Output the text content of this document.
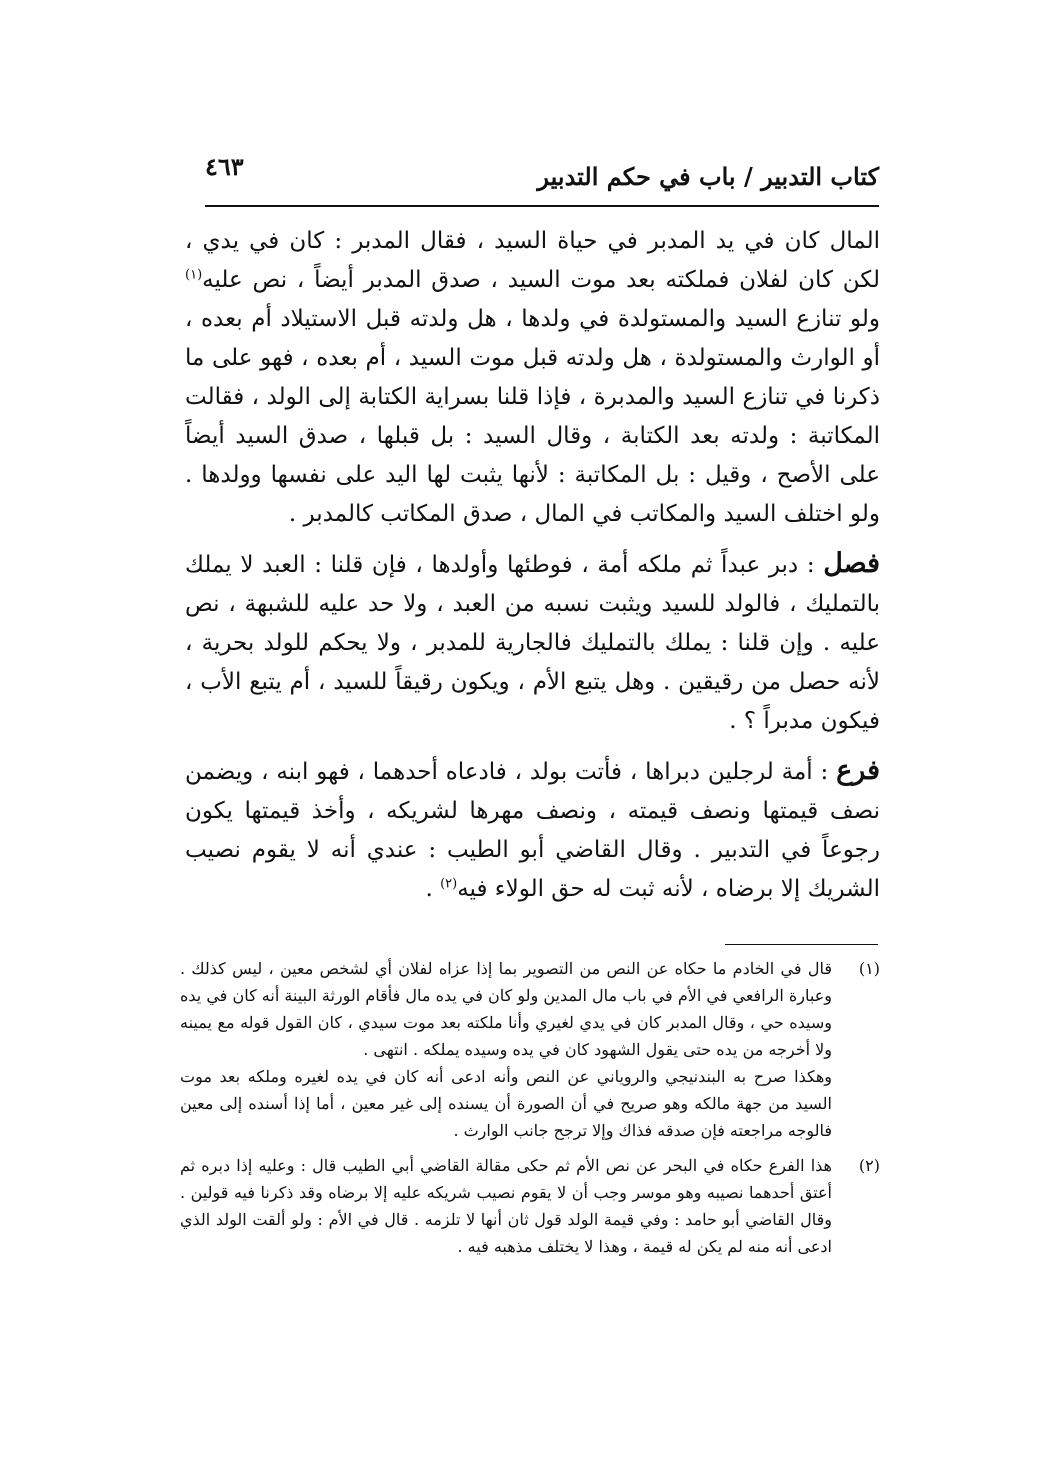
كتاب التدبير / باب في حكم التدبير
٤٦٣

المال كان في يد المدبر في حياة السيد ، فقال المدبر : كان في يدي ، لكن كان لفلان فملكته بعد موت السيد ، صدق المدبر أيضاً ، نص عليه$^{(١)}$ ولو تنازع السيد والمستولدة في ولدها ، هل ولدته قبل الاستيلاد أم بعده ، أو الوارث والمستولدة ، هل ولدته قبل موت السيد ، أم بعده ، فهو على ما ذكرنا في تنازع السيد والمدبرة ، فإذا قلنا بسراية الكتابة إلى الولد ، فقالت المكاتبة : ولدته بعد الكتابة ، وقال السيد : بل قبلها ، صدق السيد أيضاً على الأصح ، وقيل : بل المكاتبة : لأنها يثبت لها اليد على نفسها وولدها . ولو اختلف السيد والمكاتب في المال ، صدق المكاتب كالمدبر .

فصل : دبر عبداً ثم ملكه أمة ، فوطئها وأولدها ، فإن قلنا : العبد لا يملك بالتمليك ، فالولد للسيد ويثبت نسبه من العبد ، ولا حد عليه للشبهة ، نص عليه . وإن قلنا : يملك بالتمليك فالجارية للمدبر ، ولا يحكم للولد بحرية ، لأنه حصل من رقيقين . وهل يتبع الأم ، ويكون رقيقاً للسيد ، أم يتبع الأب ، فيكون مدبراً ؟ .

فرع : أمة لرجلين دبراها ، فأتت بولد ، فادعاه أحدهما ، فهو ابنه ، ويضمن نصف قيمتها ونصف قيمته ، ونصف مهرها لشريكه ، وأخذ قيمتها يكون رجوعاً في التدبير . وقال القاضي أبو الطيب : عندي أنه لا يقوم نصيب الشريك إلا برضاه ، لأنه ثبت له حق الولاء فيه$^{(٢)}$ .

(١)

قال في الخادم ما حكاه عن النص من التصوير بما إذا عزاه لفلان أي لشخص معين ، ليس كذلك . وعبارة الرافعي في الأم في باب مال المدين ولو كان في يده مال فأقام الورثة البينة أنه كان في يده وسيده حي ، وقال المدبر كان في يدي لغيري وأنا ملكته بعد موت سيدي ، كان القول قوله مع يمينه ولا أخرجه من يده حتى يقول الشهود كان في يده وسيده يملكه . انتهى .

وهكذا صرح به البندنيجي والروياني عن النص وأنه ادعى أنه كان في يده لغيره وملكه بعد موت السيد من جهة مالكه وهو صريح في أن الصورة أن يسنده إلى غير معين ، أما إذا أسنده إلى معين فالوجه مراجعته فإن صدقه فذاك وإلا ترجح جانب الوارث .

(٢)

هذا الفرع حكاه في البحر عن نص الأم ثم حكى مقالة القاضي أبي الطيب قال : وعليه إذا دبره ثم أعتق أحدهما نصيبه وهو موسر وجب أن لا يقوم نصيب شريكه عليه إلا برضاه وقد ذكرنا فيه قولين . وقال القاضي أبو حامد : وفي قيمة الولد قول ثان أنها لا تلزمه . قال في الأم : ولو ألقت الولد الذي ادعى أنه منه لم يكن له قيمة ، وهذا لا يختلف مذهبه فيه .
